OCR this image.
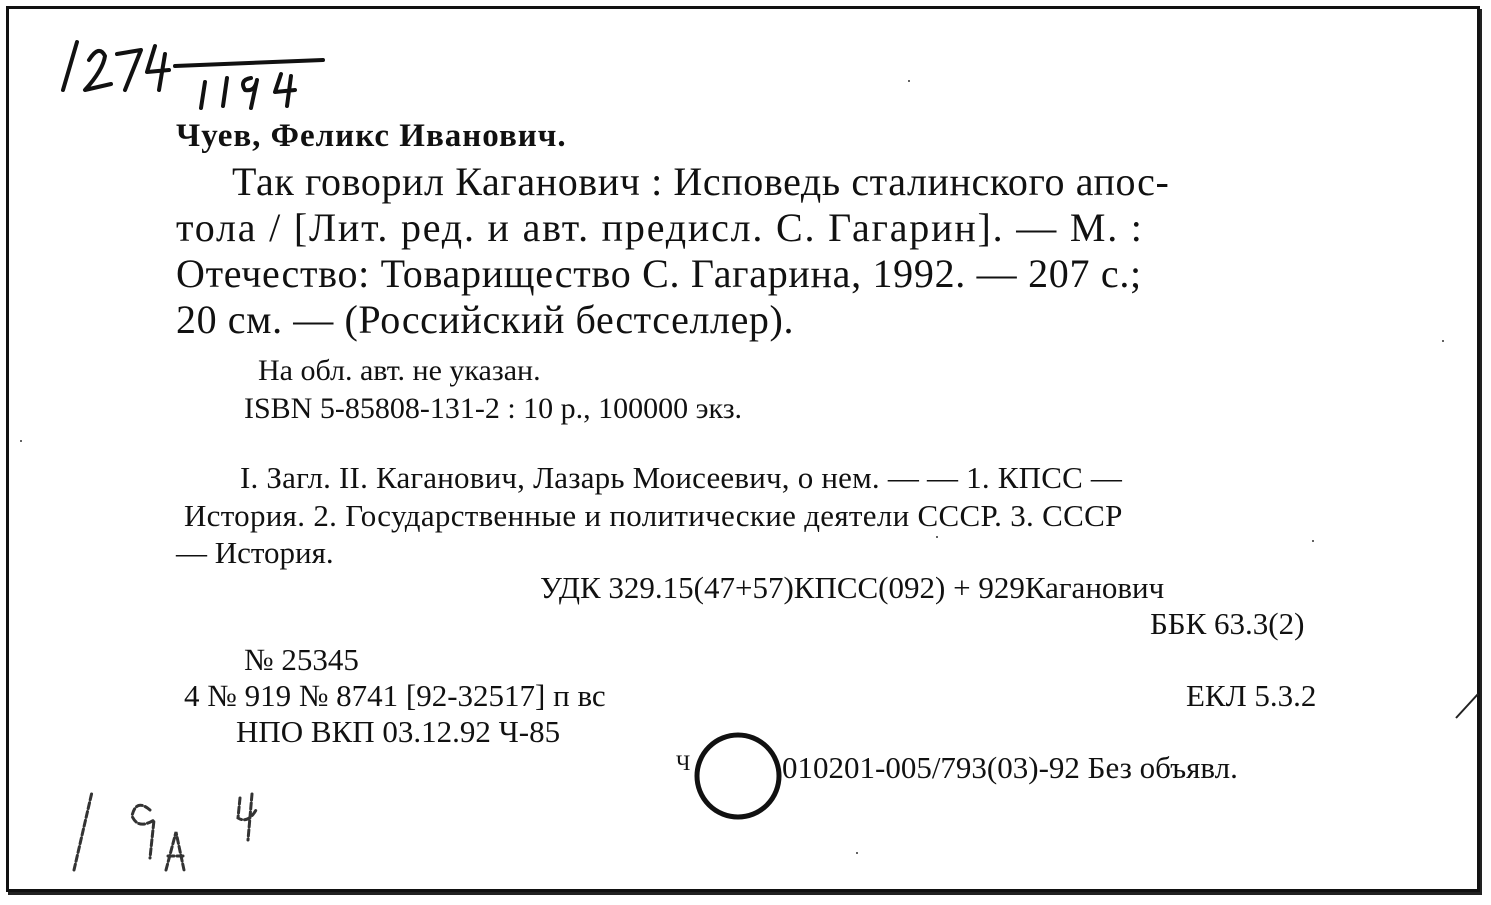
Чуев, Феликс Иванович.
Так говорил Каганович : Исповедь сталинского апос-
тола / [Лит. ред. и авт. предисл. С. Гагарин]. — М. :
Отечество: Товарищество С. Гагарина, 1992. — 207 с.;
20 см. — (Российский бестселлер).
На обл. авт. не указан.
ISBN 5-85808-131-2 : 10 р., 100000 экз.
I. Загл. II. Каганович, Лазарь Моисеевич, о нем. — — 1. КПСС —
История. 2. Государственные и политические деятели СССР. 3. СССР
— История.
УДК 329.15(47+57)КПСС(092) + 929Каганович
ББК 63.3(2)
№ 25345
4 № 919 № 8741 [92-32517] п вс	ЕКЛ 5.3.2
НПО ВКП 03.12.92 Ч-85
Ч	010201-005/793(03)-92 Без объявл.
